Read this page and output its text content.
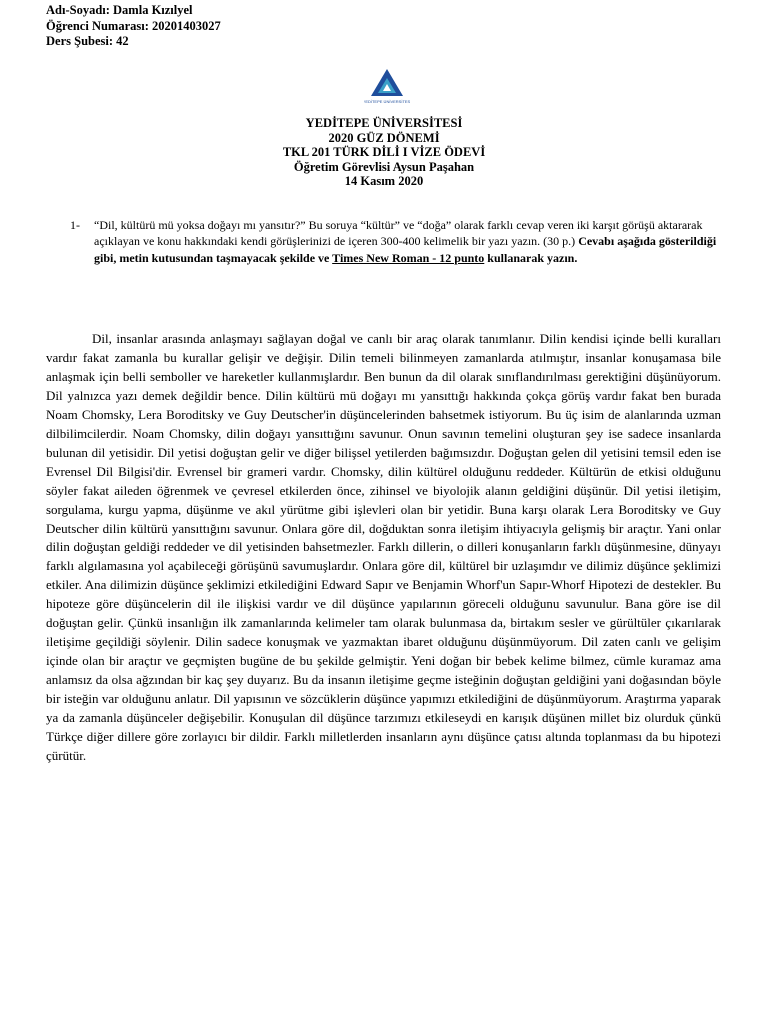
Adı-Soyadı: Damla Kızılyel
Öğrenci Numarası: 20201403027
Ders Şubesi: 42
YEDİTEPE ÜNİVERSİTESİ
YEDİTEPE ÜNİVERSİTESİ
2020 GÜZ DÖNEMİ
TKL 201 TÜRK DİLİ I VİZE ÖDEVİ
Öğretim Görevlisi Aysun Paşahan
14 Kasım 2020
1- “Dil, kültürü mü yoksa doğayı mı yansıtır?” Bu soruya “kültür” ve “doğa” olarak farklı cevap veren iki karşıt görüşü aktararak açıklayan ve konu hakkındaki kendi görüşlerinizi de içeren 300-400 kelimelik bir yazı yazın. (30 p.) Cevabı aşağıda gösterildiği gibi, metin kutusundan taşmayacak şekilde ve Times New Roman - 12 punto kullanarak yazın.

Dil, insanlar arasında anlaşmayı sağlayan doğal ve canlı bir araç olarak tanımlanır. Dilin kendisi içinde belli kuralları vardır fakat zamanla bu kurallar gelişir ve değişir. Dilin temeli bilinmeyen zamanlarda atılmıştır, insanlar konuşamasa bile anlaşmak için belli semboller ve hareketler kullanmışlardır. Ben bunun da dil olarak sınıflandırılması gerektiğini düşünüyorum. Dil yalnızca yazı demek değildir bence. Dilin kültürü mü doğayı mı yansıttığı hakkında çokça görüş vardır fakat ben burada Noam Chomsky, Lera Boroditsky ve Guy Deutscher'in düşüncelerinden bahsetmek istiyorum. Bu üç isim de alanlarında uzman dilbilimcilerdir. Noam Chomsky, dilin doğayı yansıttığını savunur. Onun savının temelini oluşturan şey ise sadece insanlarda bulunan dil yetisidir. Dil yetisi doğuştan gelir ve diğer bilişsel yetilerden bağımsızdır. Doğuştan gelen dil yetisini temsil eden ise Evrensel Dil Bilgisi'dir. Evrensel bir grameri vardır. Chomsky, dilin kültürel olduğunu reddeder. Kültürün de etkisi olduğunu söyler fakat aileden öğrenmek ve çevresel etkilerden önce, zihinsel ve biyolojik alanın geldiğini düşünür. Dil yetisi iletişim, sorgulama, kurgu yapma, düşünme ve akıl yürütme gibi işlevleri olan bir yetidir. Buna karşı olarak Lera Boroditsky ve Guy Deutscher dilin kültürü yansıttığını savunur. Onlara göre dil, doğduktan sonra iletişim ihtiyacıyla gelişmiş bir araçtır. Yani onlar dilin doğuştan geldiği reddeder ve dil yetisinden bahsetmezler. Farklı dillerin, o dilleri konuşanların farklı düşünmesine, dünyayı farklı algılamasına yol açabileceği görüşünü savumuşlardır. Onlara göre dil, kültürel bir uzlaşımdır ve dilimiz düşünce şeklimizi etkiler. Ana dilimizin düşünce şeklimizi etkilediğini Edward Sapır ve Benjamin Whorf'un Sapır-Whorf Hipotezi de destekler. Bu hipoteze göre düşüncelerin dil ile ilişkisi vardır ve dil düşünce yapılarının göreceli olduğunu savunulur. Bana göre ise dil doğuştan gelir. Çünkü insanlığın ilk zamanlarında kelimeler tam olarak bulunmasa da, birtakım sesler ve gürültüler çıkarılarak iletişime geçildiği söylenir. Dilin sadece konuşmak ve yazmaktan ibaret olduğunu düşünmüyorum. Dil zaten canlı ve gelişim içinde olan bir araçtır ve geçmişten bugüne de bu şekilde gelmiştir. Yeni doğan bir bebek kelime bilmez, cümle kuramaz ama anlamsız da olsa ağzından bir kaç şey duyarız. Bu da insanın iletişime geçme isteğinin doğuştan geldiğini yani doğasından böyle bir isteğin var olduğunu anlatır. Dil yapısının ve sözcüklerin düşünce yapımızı etkilediğini de düşünmüyorum. Araştırma yaparak ya da zamanla düşünceler değişebilir. Konuşulan dil düşünce tarzımızı etkileseydi en karışık düşünen millet biz olurduk çünkü Türkçe diğer dillere göre zorlayıcı bir dildir. Farklı milletlerden insanların aynı düşünce çatısı altında toplanması da bu hipotezi çürütür.
